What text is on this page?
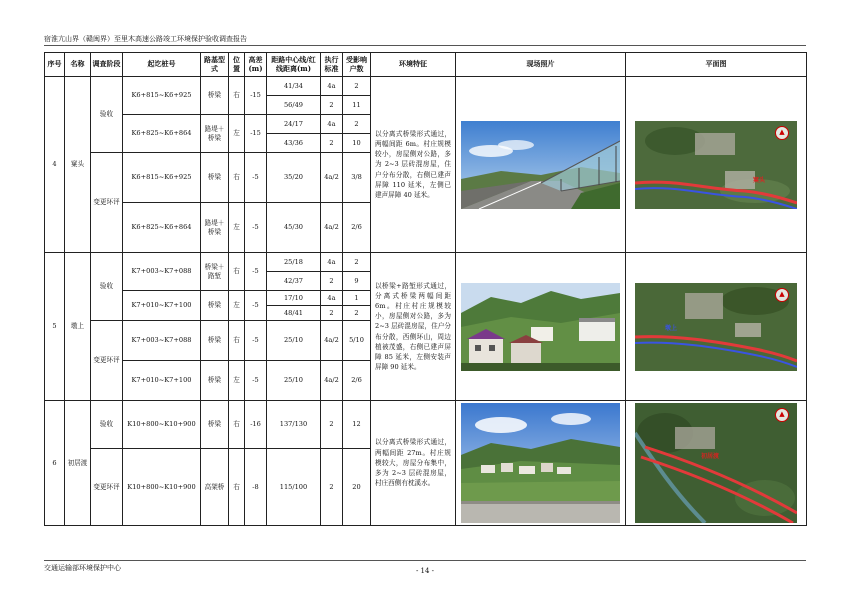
宿淮亢山界（赣闽界）至里木高速公路竣工环境保护验收调查报告
序号	名称	调查阶段	起讫桩号	路基型式	位置	高差(m)	距路中心线/红线距离(m)	执行标准	受影响户数	环境特征	现场照片	平面图
4	窠头	验收	K6+815~K6+925	桥梁	右	-15	41/34	4a	2	以分离式桥梁形式通过，两幅间距 6m。村庄规模较小，房屋侧对公路，多为 2~3 层砖混房屋，住户分布分散，右侧已建声屏障 110 延米，左侧已建声屏障 40 延米。		窠头
▲

							56/49	2	11			
			K6+825~K6+864	路堤＋桥梁	左	-15	24/17	4a	2			
							43/36	2	10			
		变更环评	K6+815~K6+925	桥梁	右	-5	35/20	4a/2	3/8			

			K6+825~K6+864	路堤＋桥梁	左	-5	45/30	4a/2	2/6			

5	墩上	验收	K7+003~K7+088	桥梁＋路堑	右	-5	25/18	4a	2	以桥梁+路堑形式通过，分离式桥梁两幅间距 6m。村庄村庄规模较小，房屋侧对公路，多为 2~3 层砖混房屋，住户分布分散，西侧环山，周边植被茂盛，右侧已建声屏障 85 延米，左侧安装声屏障 90 延米。		墩上
▲

							42/37	2	9			
			K7+010~K7+100	桥梁	左	-5	17/10	4a	1			
							48/41	2	2			
		变更环评	K7+003~K7+088	桥梁	右	-5	25/10	4a/2	5/10			

			K7+010~K7+100	桥梁	左	-5	25/10	4a/2	2/6			

6	初居渡	验收	K10+800~K10+900	桥梁	右	-16	137/130	2	12	以分离式桥梁形式通过，两幅间距 27m。村庄规模较大，房屋分布集中，多为 2~3 层砖混房屋，村庄西侧有枕溪水。		初居渡
▲

		变更环评	K10+800~K10+900	高架桥	右	-8	115/100	2	20			
交通运输部环境保护中心	- 14 -
